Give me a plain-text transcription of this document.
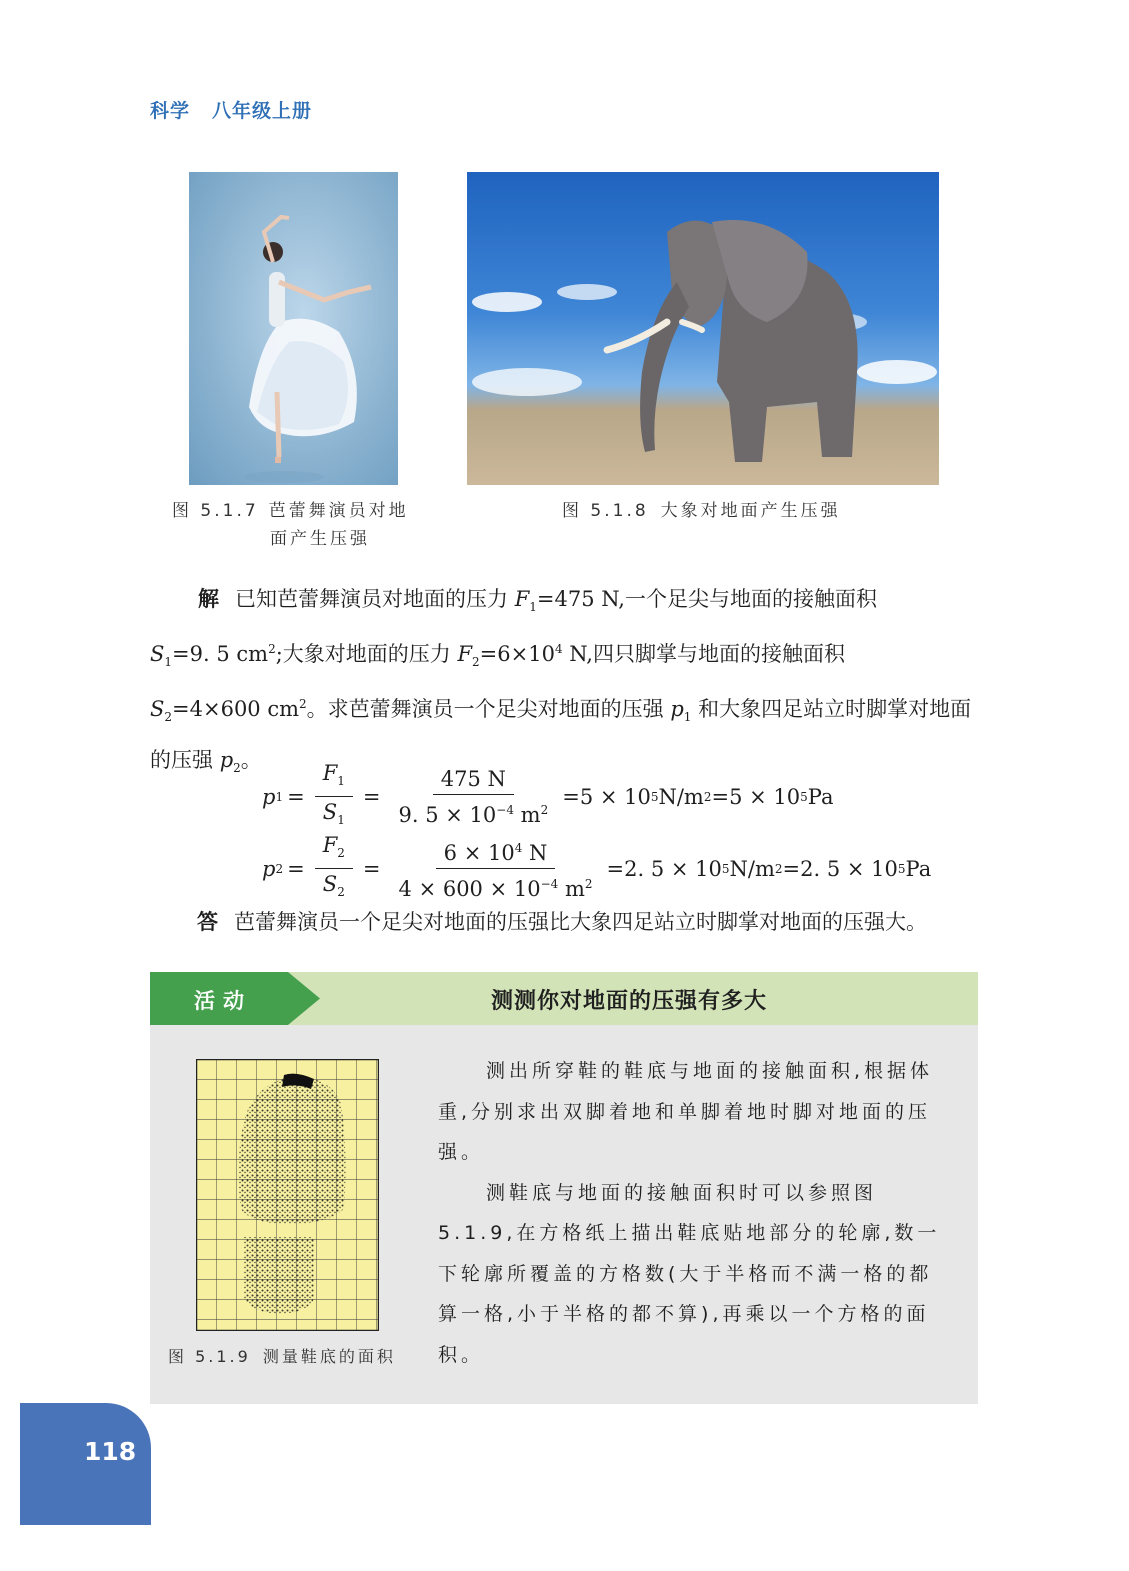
科学 八年级上册
图 5.1.7 芭蕾舞演员对地
面产生压强
图 5.1.8 大象对地面产生压强
解 已知芭蕾舞演员对地面的压力 $F_1=475$ N,一个足尖与地面的接触面积
$S_1=9$. 5 $cm^2$;大象对地面的压力 $F_2=6\times 10^4$ N,四只脚掌与地面的接触面积
$S_2=4\times 600$ $cm^2$。求芭蕾舞演员一个足尖对地面的压强 $p_1$ 和大象四足站立时脚掌对地面的压强 $p_2$。
p $1 = \frac{F_1}{S_1} = \frac{475 N}{9. 5 \times 10^{-4} m^2} =5 \times 10$ 5 N/m 2 =5 × 10 5 Pa
p $2 = \frac{F_2}{S_2} = \frac{6 \times 10^4 N}{4 \times 600 \times 10^{-4} m^2} =2$. 5 × 10 5 N/m 2 =2. 5 × 10 5 Pa
答 芭蕾舞演员一个足尖对地面的压强比大象四足站立时脚掌对地面的压强大。
活动	测测你对地面的压强有多大
图 5.1.9 测量鞋底的面积

测出所穿鞋的鞋底与地面的接触面积,根据体重,分别求出双脚着地和单脚着地时脚对地面的压强。

测鞋底与地面的接触面积时可以参照图5.1.9,在方格纸上描出鞋底贴地部分的轮廓,数一下轮廓所覆盖的方格数(大于半格而不满一格的都算一格,小于半格的都不算),再乘以一个方格的面积。

118
